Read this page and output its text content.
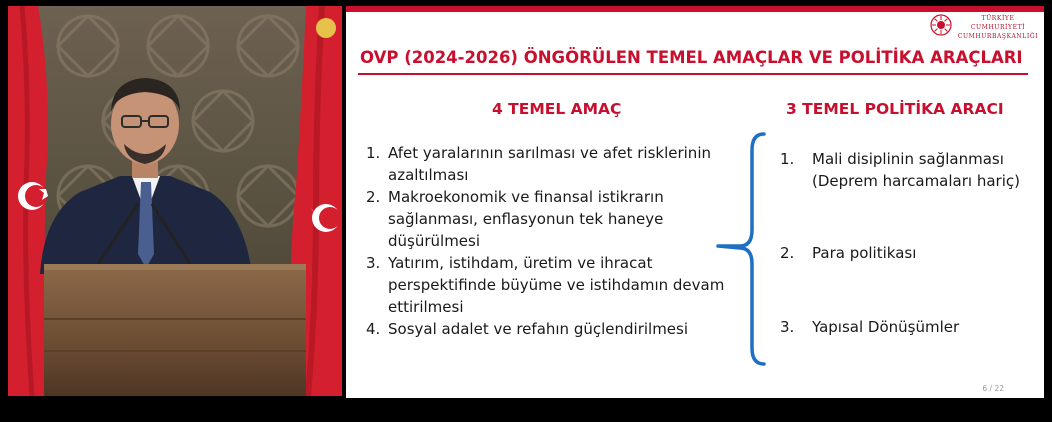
TÜRKİYE CUMHURİYETİ
CUMHURBAŞKANLIĞI
OVP (2024-2026) ÖNGÖRÜLEN TEMEL AMAÇLAR VE POLİTİKA ARAÇLARI
4 TEMEL AMAÇ	3 TEMEL POLİTİKA ARACI
1. Afet yaralarının sarılması ve afet risklerinin azaltılması
2. Makroekonomik ve finansal istikrarın sağlanması, enflasyonun tek haneye düşürülmesi
3. Yatırım, istihdam, üretim ve ihracat perspektifinde büyüme ve istihdamın devam ettirilmesi
4. Sosyal adalet ve refahın güçlendirilmesi
1.	Mali disiplinin sağlanması
(Deprem harcamaları hariç)
2.	Para politikası
3.	Yapısal Dönüşümler
6 / 22
